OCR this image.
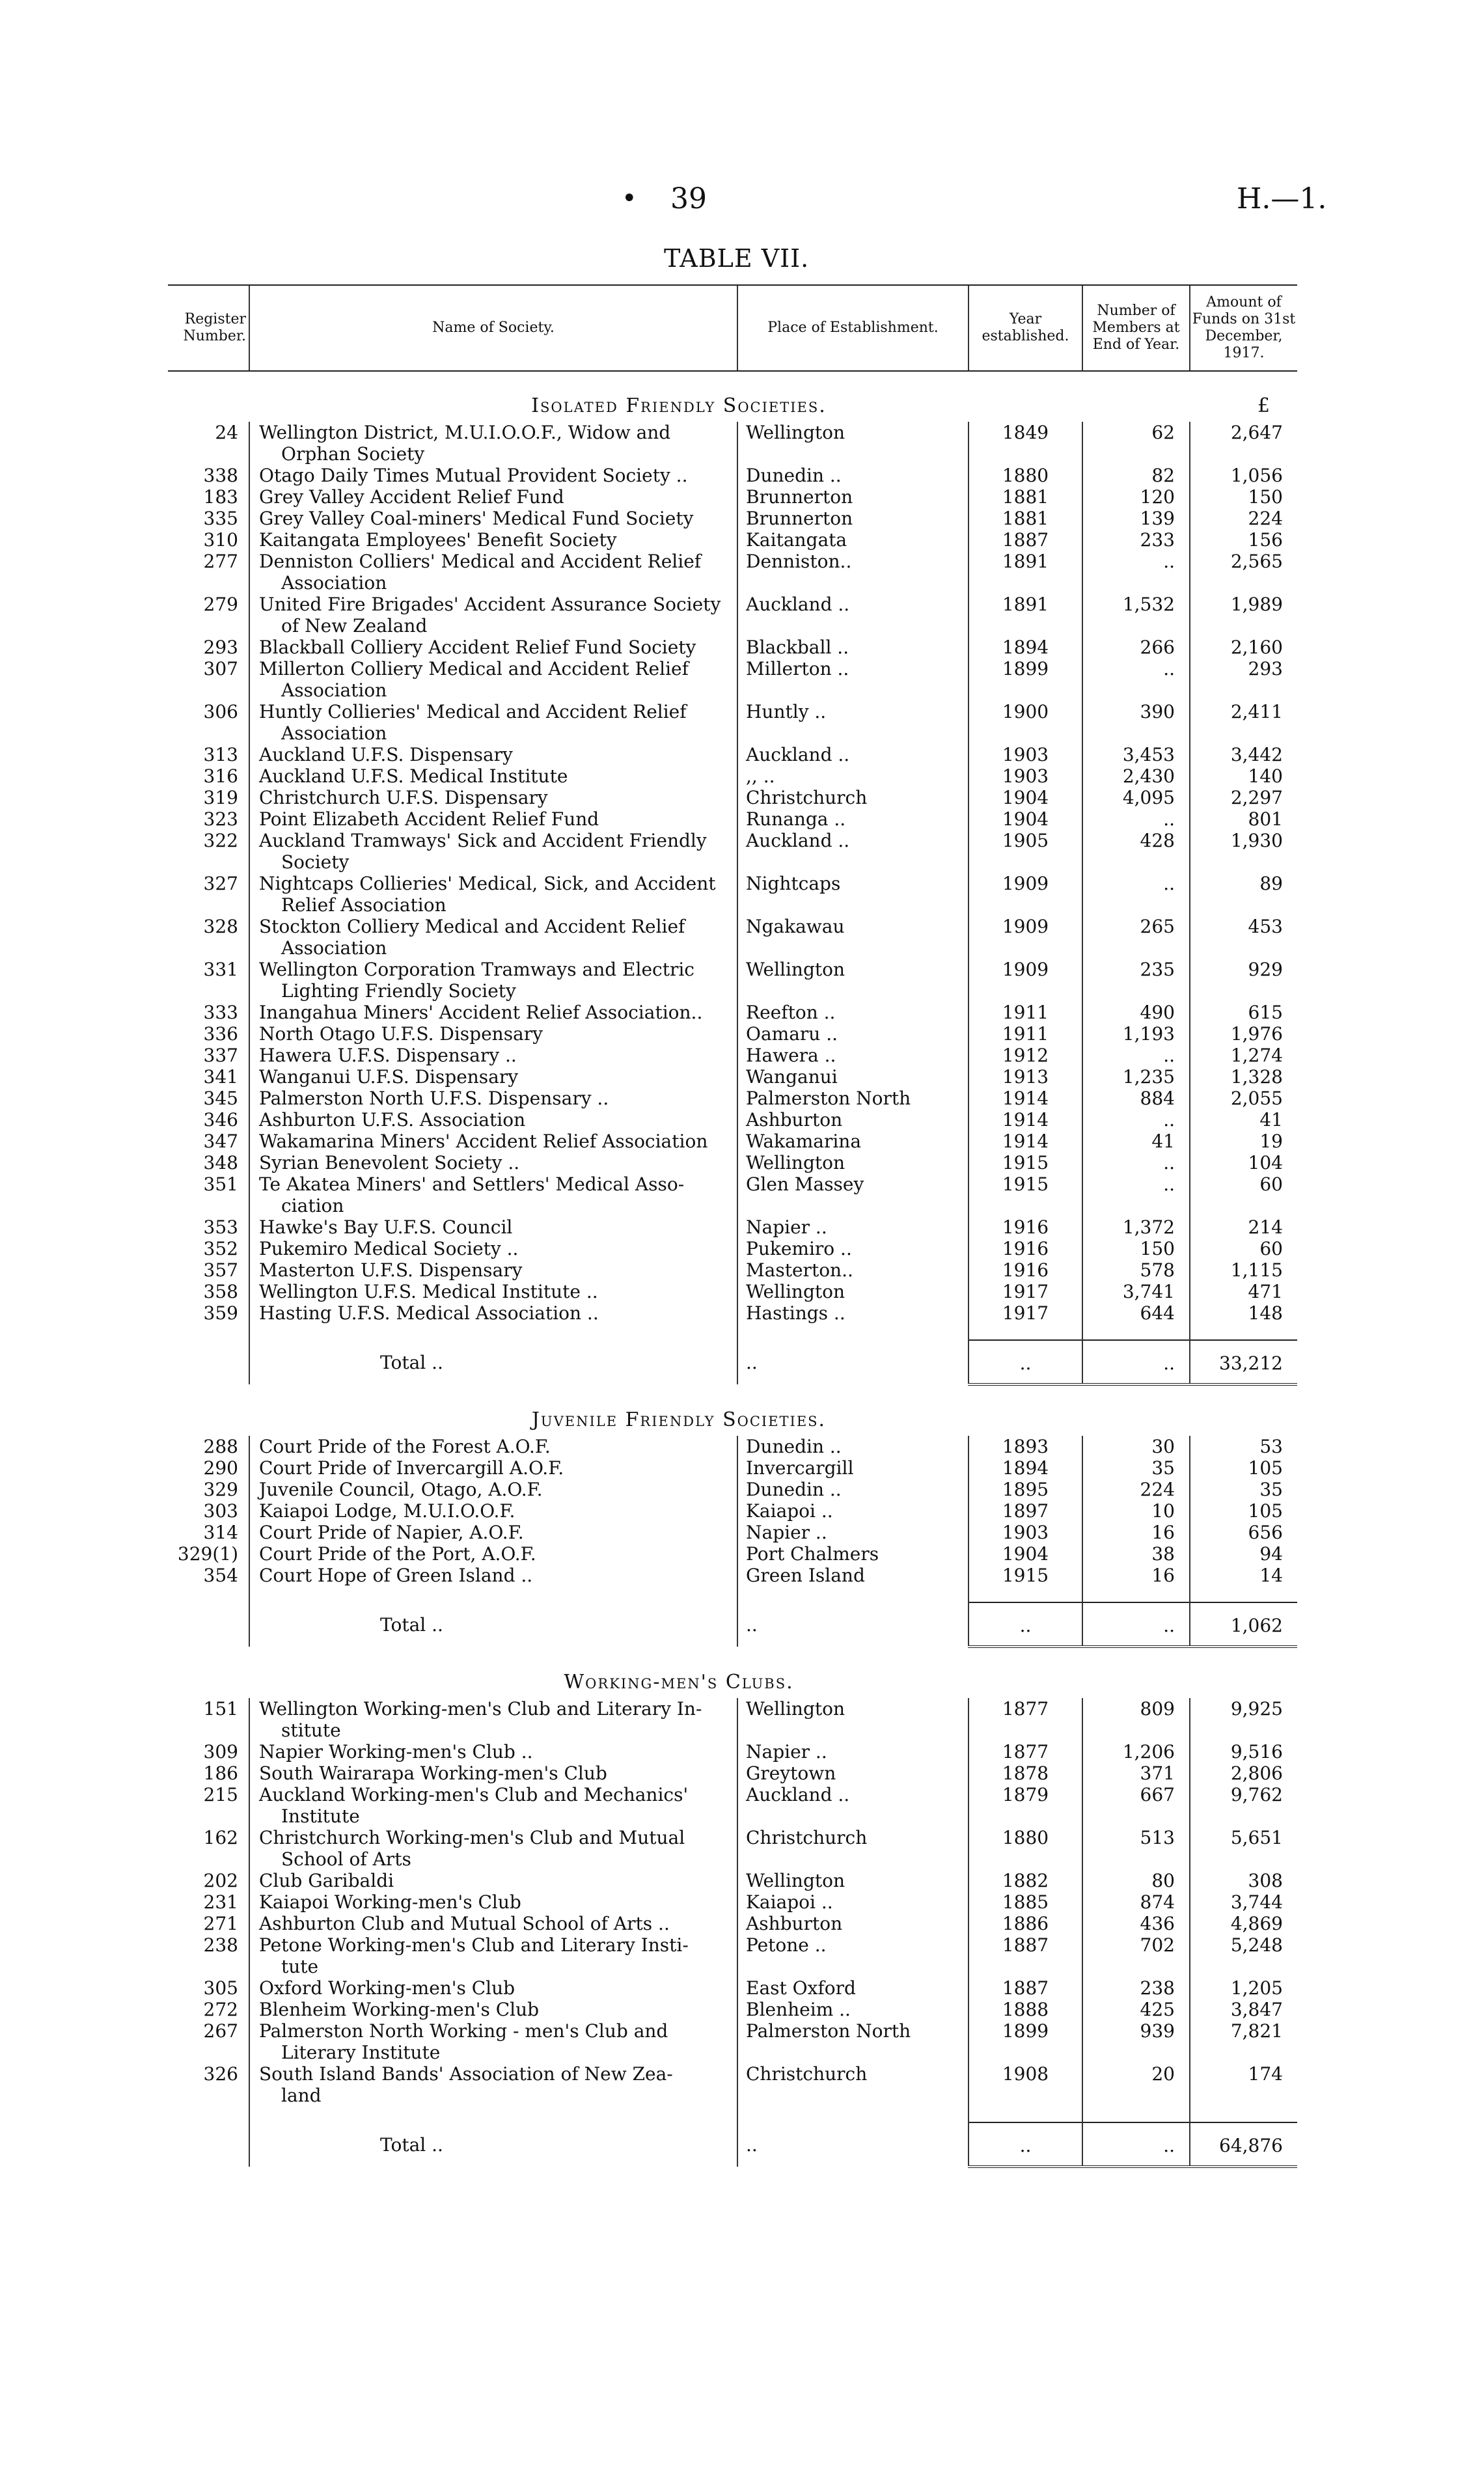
• 39	H.—1.
TABLE VII.
Register Number.	Name of Society.	Place of Establishment.	Year established.	Number of Members at End of Year.	Amount of Funds on 31st December, 1917.
Isolated Friendly Societies.					£
24	Wellington District, M.U.I.O.O.F., Widow and
Orphan Society	Wellington	1849	62	2,647
338	Otago Daily Times Mutual Provident Society ..	Dunedin ..	1880	82	1,056
183	Grey Valley Accident Relief Fund	Brunnerton	1881	120	150
335	Grey Valley Coal-miners' Medical Fund Society	Brunnerton	1881	139	224
310	Kaitangata Employees' Benefit Society	Kaitangata	1887	233	156
277	Denniston Colliers' Medical and Accident Relief
Association	Denniston..	1891	..	2,565
279	United Fire Brigades' Accident Assurance Society
of New Zealand	Auckland ..	1891	1,532	1,989
293	Blackball Colliery Accident Relief Fund Society	Blackball ..	1894	266	2,160
307	Millerton Colliery Medical and Accident Relief
Association	Millerton ..	1899	..	293
306	Huntly Collieries' Medical and Accident Relief
Association	Huntly ..	1900	390	2,411
313	Auckland U.F.S. Dispensary	Auckland ..	1903	3,453	3,442
316	Auckland U.F.S. Medical Institute	,, ..	1903	2,430	140
319	Christchurch U.F.S. Dispensary	Christchurch	1904	4,095	2,297
323	Point Elizabeth Accident Relief Fund	Runanga ..	1904	..	801
322	Auckland Tramways' Sick and Accident Friendly
Society	Auckland ..	1905	428	1,930
327	Nightcaps Collieries' Medical, Sick, and Accident
Relief Association	Nightcaps	1909	..	89
328	Stockton Colliery Medical and Accident Relief
Association	Ngakawau	1909	265	453
331	Wellington Corporation Tramways and Electric
Lighting Friendly Society	Wellington	1909	235	929
333	Inangahua Miners' Accident Relief Association..	Reefton ..	1911	490	615
336	North Otago U.F.S. Dispensary	Oamaru ..	1911	1,193	1,976
337	Hawera U.F.S. Dispensary ..	Hawera ..	1912	..	1,274
341	Wanganui U.F.S. Dispensary	Wanganui	1913	1,235	1,328
345	Palmerston North U.F.S. Dispensary ..	Palmerston North	1914	884	2,055
346	Ashburton U.F.S. Association	Ashburton	1914	..	41
347	Wakamarina Miners' Accident Relief Association	Wakamarina	1914	41	19
348	Syrian Benevolent Society ..	Wellington	1915	..	104
351	Te Akatea Miners' and Settlers' Medical Asso-
ciation	Glen Massey	1915	..	60
353	Hawke's Bay U.F.S. Council	Napier ..	1916	1,372	214
352	Pukemiro Medical Society ..	Pukemiro ..	1916	150	60
357	Masterton U.F.S. Dispensary	Masterton..	1916	578	1,115
358	Wellington U.F.S. Medical Institute ..	Wellington	1917	3,741	471
359	Hasting U.F.S. Medical Association ..	Hastings ..	1917	644	148

	Total ..	..	..	..	33,212
Juvenile Friendly Societies.					
288	Court Pride of the Forest A.O.F.	Dunedin ..	1893	30	53
290	Court Pride of Invercargill A.O.F.	Invercargill	1894	35	105
329	Juvenile Council, Otago, A.O.F.	Dunedin ..	1895	224	35
303	Kaiapoi Lodge, M.U.I.O.O.F.	Kaiapoi ..	1897	10	105
314	Court Pride of Napier, A.O.F.	Napier ..	1903	16	656
329(1)	Court Pride of the Port, A.O.F.	Port Chalmers	1904	38	94
354	Court Hope of Green Island ..	Green Island	1915	16	14

	Total ..	..	..	..	1,062
Working-men's Clubs.					
151	Wellington Working-men's Club and Literary In-
stitute	Wellington	1877	809	9,925
309	Napier Working-men's Club ..	Napier ..	1877	1,206	9,516
186	South Wairarapa Working-men's Club	Greytown	1878	371	2,806
215	Auckland Working-men's Club and Mechanics'
Institute	Auckland ..	1879	667	9,762
162	Christchurch Working-men's Club and Mutual
School of Arts	Christchurch	1880	513	5,651
202	Club Garibaldi	Wellington	1882	80	308
231	Kaiapoi Working-men's Club	Kaiapoi ..	1885	874	3,744
271	Ashburton Club and Mutual School of Arts ..	Ashburton	1886	436	4,869
238	Petone Working-men's Club and Literary Insti-
tute	Petone ..	1887	702	5,248
305	Oxford Working-men's Club	East Oxford	1887	238	1,205
272	Blenheim Working-men's Club	Blenheim ..	1888	425	3,847
267	Palmerston North Working - men's Club and
Literary Institute	Palmerston North	1899	939	7,821
326	South Island Bands' Association of New Zea-
land	Christchurch	1908	20	174

	Total ..	..	..	..	64,876
